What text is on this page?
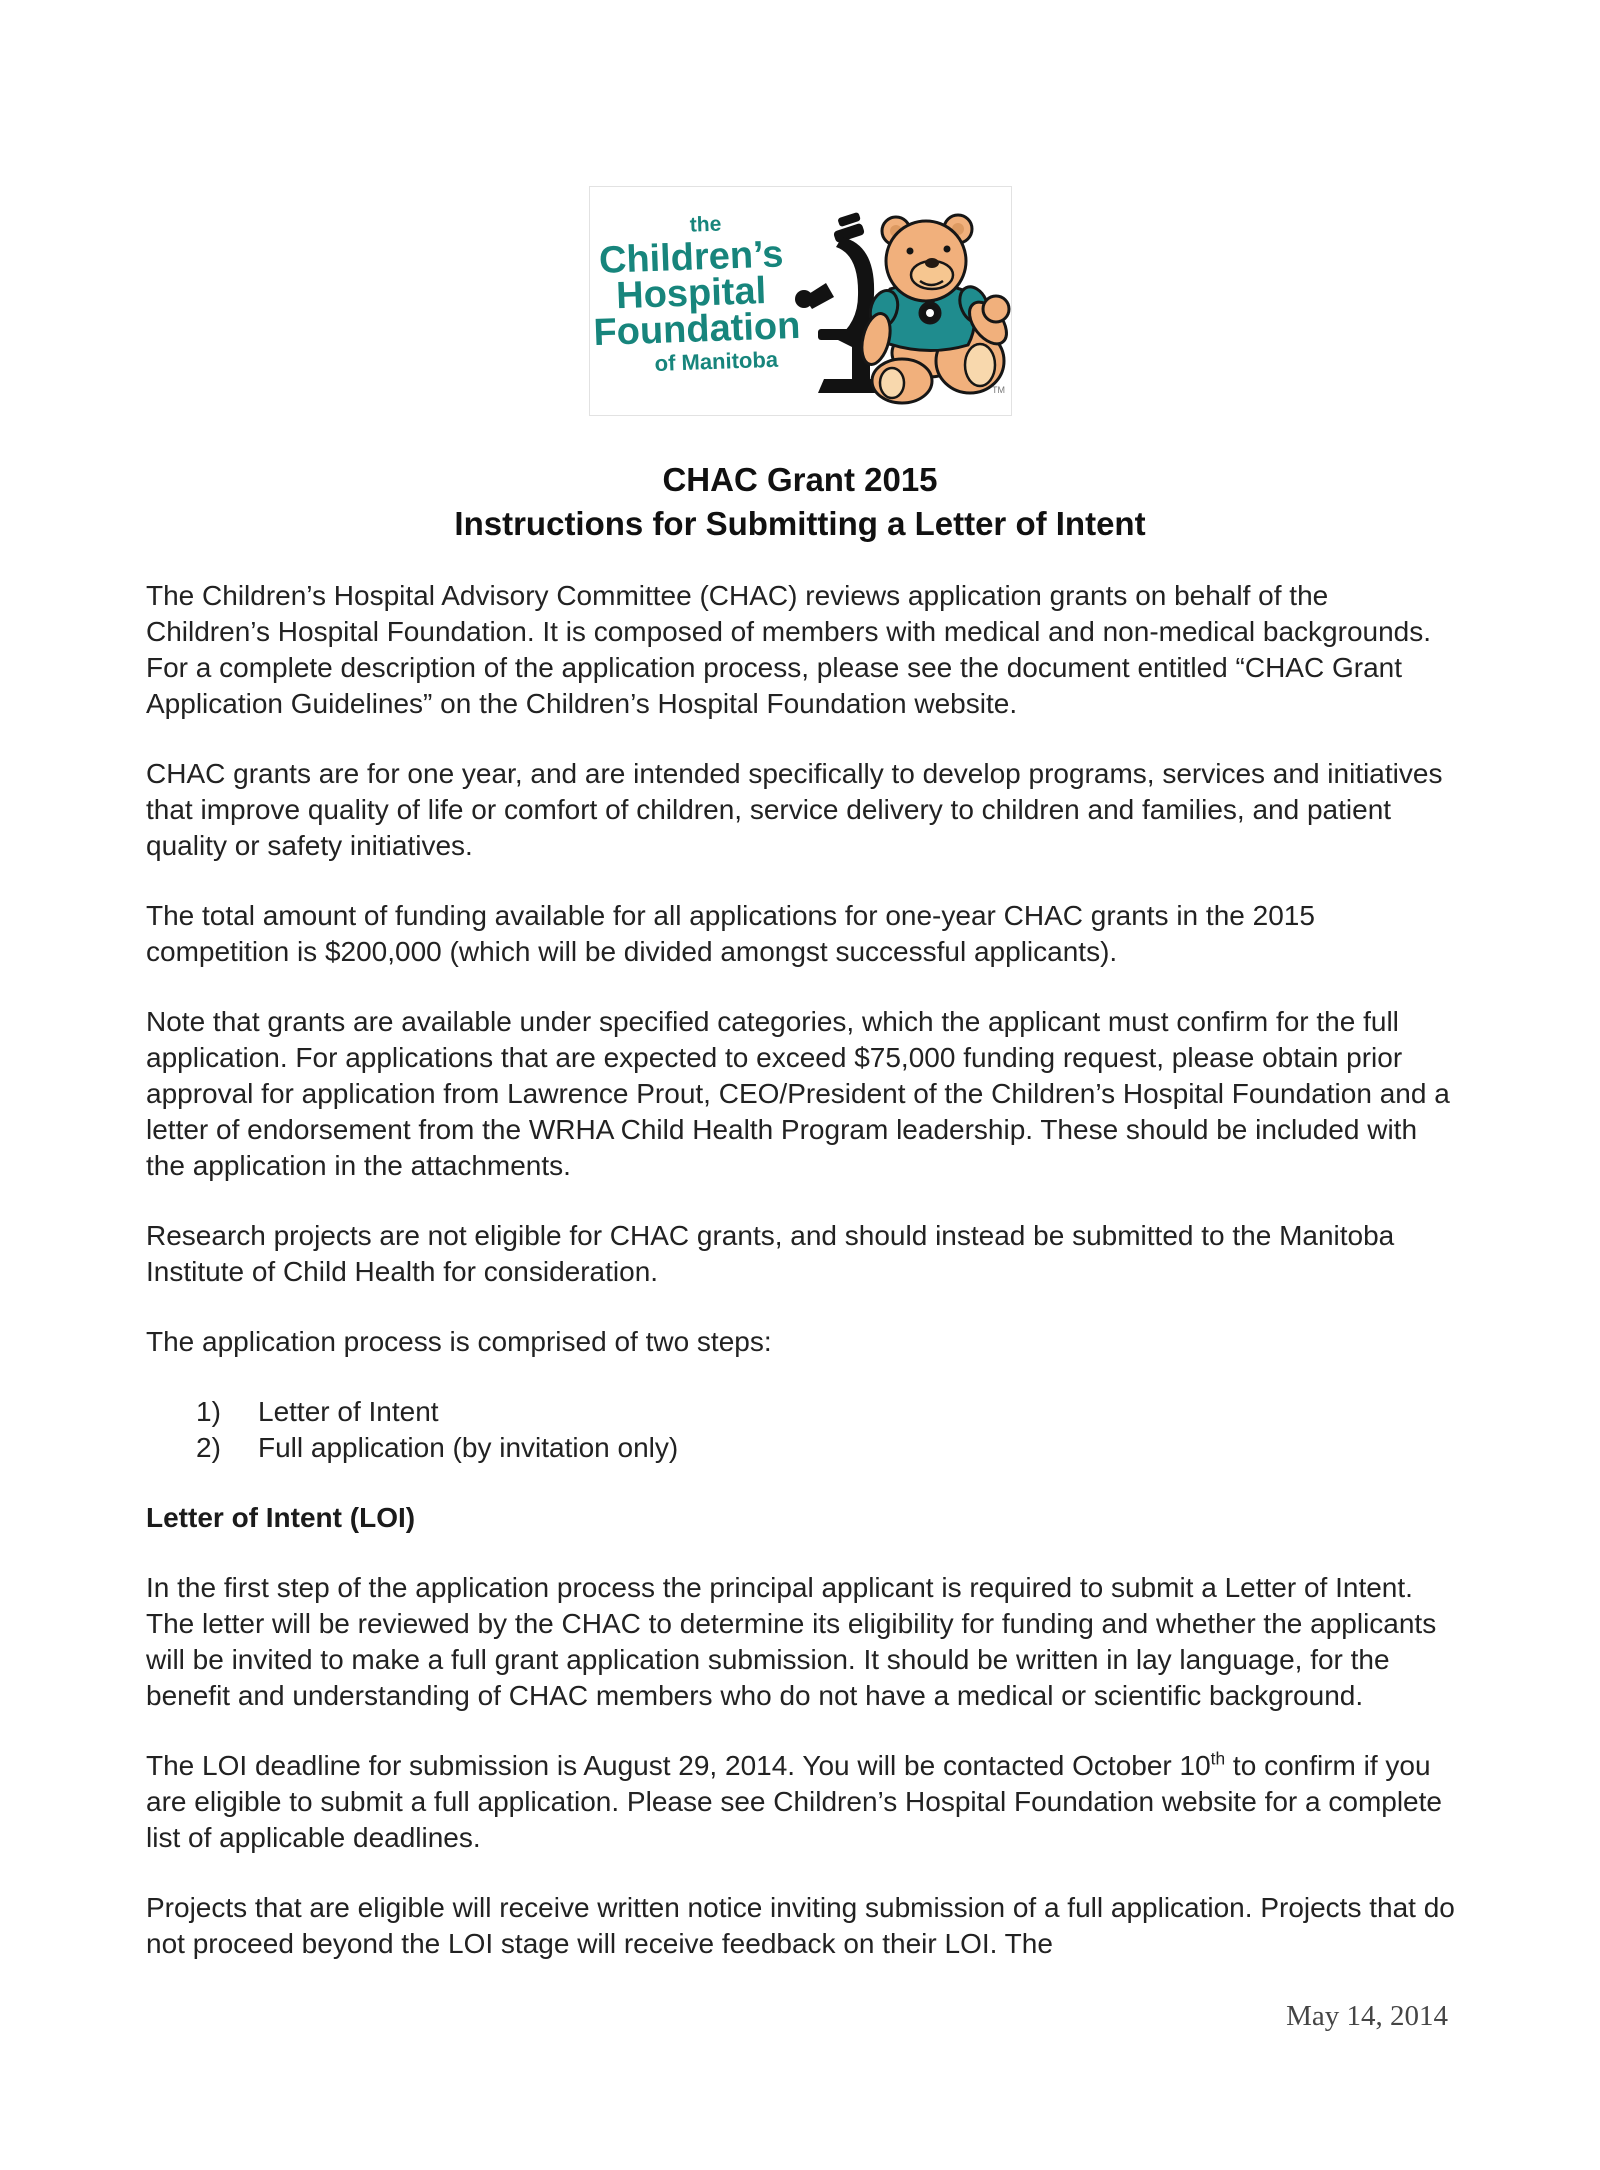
the
Children’s
Hospital
Foundation
of Manitoba
TM
CHAC Grant 2015
Instructions for Submitting a Letter of Intent

The Children’s Hospital Advisory Committee (CHAC) reviews application grants on behalf of the Children’s Hospital Foundation. It is composed of members with medical and non-medical backgrounds. For a complete description of the application process, please see the document entitled “CHAC Grant Application Guidelines” on the Children’s Hospital Foundation website.

CHAC grants are for one year, and are intended specifically to develop programs, services and initiatives that improve quality of life or comfort of children, service delivery to children and families, and patient quality or safety initiatives.

The total amount of funding available for all applications for one-year CHAC grants in the 2015 competition is $200,000 (which will be divided amongst successful applicants).

Note that grants are available under specified categories, which the applicant must confirm for the full application. For applications that are expected to exceed $75,000 funding request, please obtain prior approval for application from Lawrence Prout, CEO/President of the Children’s Hospital Foundation and a letter of endorsement from the WRHA Child Health Program leadership. These should be included with the application in the attachments.

Research projects are not eligible for CHAC grants, and should instead be submitted to the Manitoba Institute of Child Health for consideration.

The application process is comprised of two steps:

1)	Letter of Intent
2)	Full application (by invitation only)

Letter of Intent (LOI)

In the first step of the application process the principal applicant is required to submit a Letter of Intent. The letter will be reviewed by the CHAC to determine its eligibility for funding and whether the applicants will be invited to make a full grant application submission. It should be written in lay language, for the benefit and understanding of CHAC members who do not have a medical or scientific background.

The LOI deadline for submission is August 29, 2014. You will be contacted October 10th to confirm if you are eligible to submit a full application. Please see Children’s Hospital Foundation website for a complete list of applicable deadlines.

Projects that are eligible will receive written notice inviting submission of a full application. Projects that do not proceed beyond the LOI stage will receive feedback on their LOI. The

May 14, 2014
